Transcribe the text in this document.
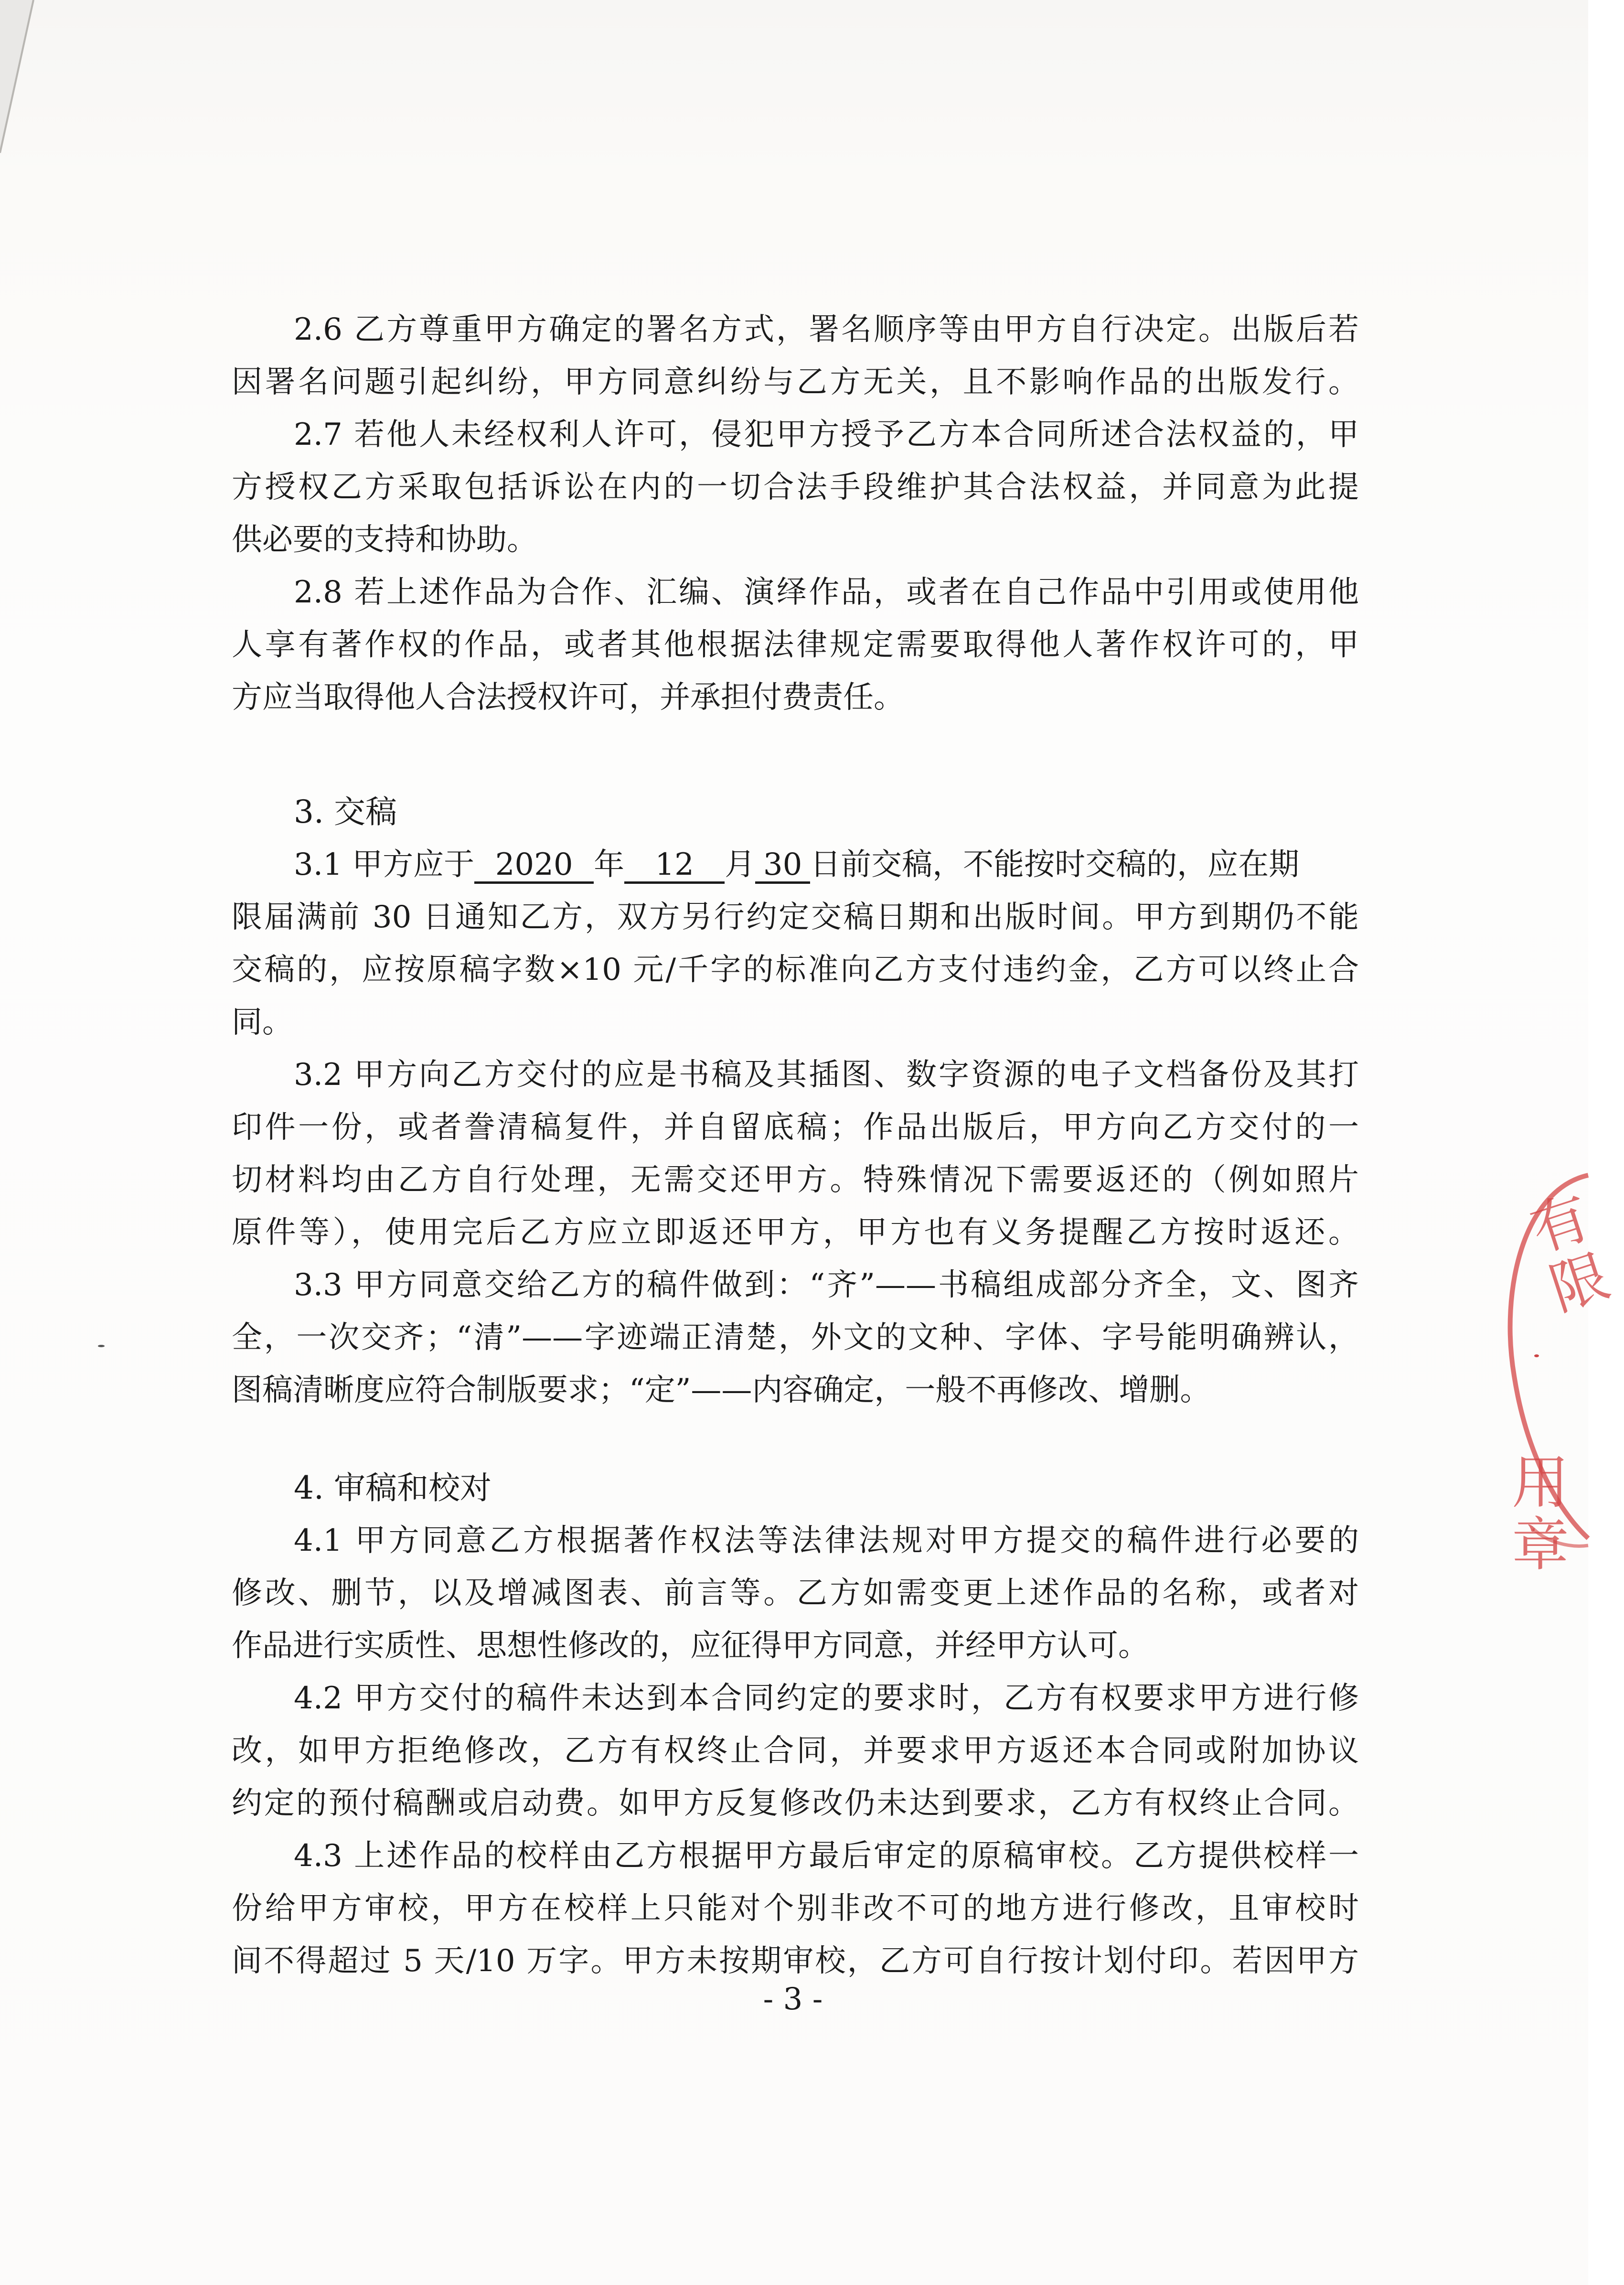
2.6 乙方尊重甲方确定的署名方式，署名顺序等由甲方自行决定。出版后若
因署名问题引起纠纷，甲方同意纠纷与乙方无关，且不影响作品的出版发行。
2.7 若他人未经权利人许可，侵犯甲方授予乙方本合同所述合法权益的，甲
方授权乙方采取包括诉讼在内的一切合法手段维护其合法权益，并同意为此提
供必要的支持和协助。
2.8 若上述作品为合作、汇编、演绎作品，或者在自己作品中引用或使用他
人享有著作权的作品，或者其他根据法律规定需要取得他人著作权许可的，甲
方应当取得他人合法授权许可，并承担付费责任。
3. 交稿
3.1 甲方应于 2020 年 12 月 30 日前交稿，不能按时交稿的，应在期
限届满前 30 日通知乙方，双方另行约定交稿日期和出版时间。甲方到期仍不能
交稿的，应按原稿字数×10 元/千字的标准向乙方支付违约金，乙方可以终止合
同。
3.2 甲方向乙方交付的应是书稿及其插图、数字资源的电子文档备份及其打
印件一份，或者誊清稿复件，并自留底稿；作品出版后，甲方向乙方交付的一
切材料均由乙方自行处理，无需交还甲方。特殊情况下需要返还的（例如照片
原件等），使用完后乙方应立即返还甲方，甲方也有义务提醒乙方按时返还。
3.3 甲方同意交给乙方的稿件做到：“齐”——书稿组成部分齐全，文、图齐
全，一次交齐；“清”——字迹端正清楚，外文的文种、字体、字号能明确辨认，
图稿清晰度应符合制版要求；“定”——内容确定，一般不再修改、增删。
4. 审稿和校对
4.1 甲方同意乙方根据著作权法等法律法规对甲方提交的稿件进行必要的
修改、删节，以及增减图表、前言等。乙方如需变更上述作品的名称，或者对
作品进行实质性、思想性修改的，应征得甲方同意，并经甲方认可。
4.2 甲方交付的稿件未达到本合同约定的要求时，乙方有权要求甲方进行修
改，如甲方拒绝修改，乙方有权终止合同，并要求甲方返还本合同或附加协议
约定的预付稿酬或启动费。如甲方反复修改仍未达到要求，乙方有权终止合同。
4.3 上述作品的校样由乙方根据甲方最后审定的原稿审校。乙方提供校样一
份给甲方审校，甲方在校样上只能对个别非改不可的地方进行修改，且审校时
间不得超过 5 天/10 万字。甲方未按期审校，乙方可自行按计划付印。若因甲方
- 3 -
有限
用章
